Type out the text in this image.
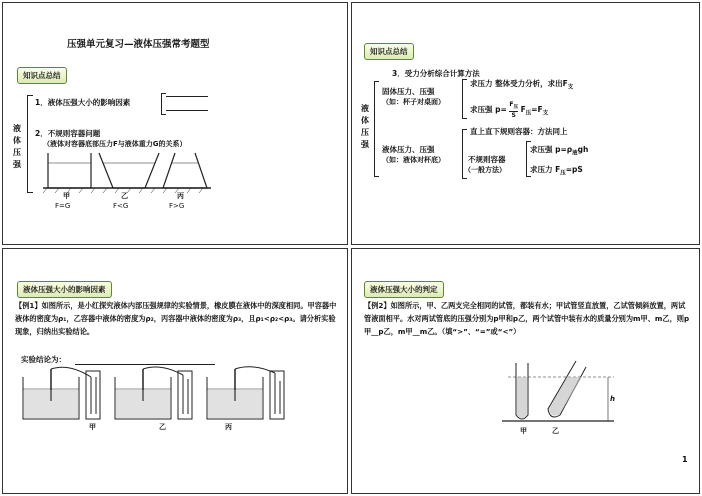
压强单元复习—液体压强常考题型
知识点总结
液体压强
1．液体压强大小的影响因素
2．不规则容器问题
（液体对容器底部压力F与液体重力G的关系）
甲	乙	丙
F=G	F<G	F>G
知识点总结
3．受力分析综合计算方法
液体压强
固体压力、压强
（如：杯子对桌面）
求压力 整体受力分析，求出$F_支$
求压强 p=
$F_压$
S
$F_压=F_支$
液体压力、压强
（如：液体对杯底）
直上直下规则容器：方法同上
不规则容器
（一般方法）
求压强 $p=\rho_液gh$
求压力 $F_压=pS$
液体压强大小的影响因素
【例1】如图所示，是小红探究液体内部压强规律的实验情景，橡皮膜在液体中的深度相同。甲容器中液体的密度为ρ₁，乙容器中液体的密度为ρ₂，丙容器中液体的密度为ρ₃，且ρ₁<ρ₂<ρ₃。请分析实验现象，归纳出实验结论。
实验结论为：
甲	乙	丙
液体压强大小的判定
【例2】如图所示，甲、乙两支完全相同的试管，都装有水；甲试管竖直放置，乙试管倾斜放置，两试管液面相平。水对两试管底的压强分别为p甲和p乙，两个试管中装有水的质量分别为m甲、m乙，则p甲__p乙，m甲__m乙。（填“>”、“=”或“<”）
h
甲	乙
1
